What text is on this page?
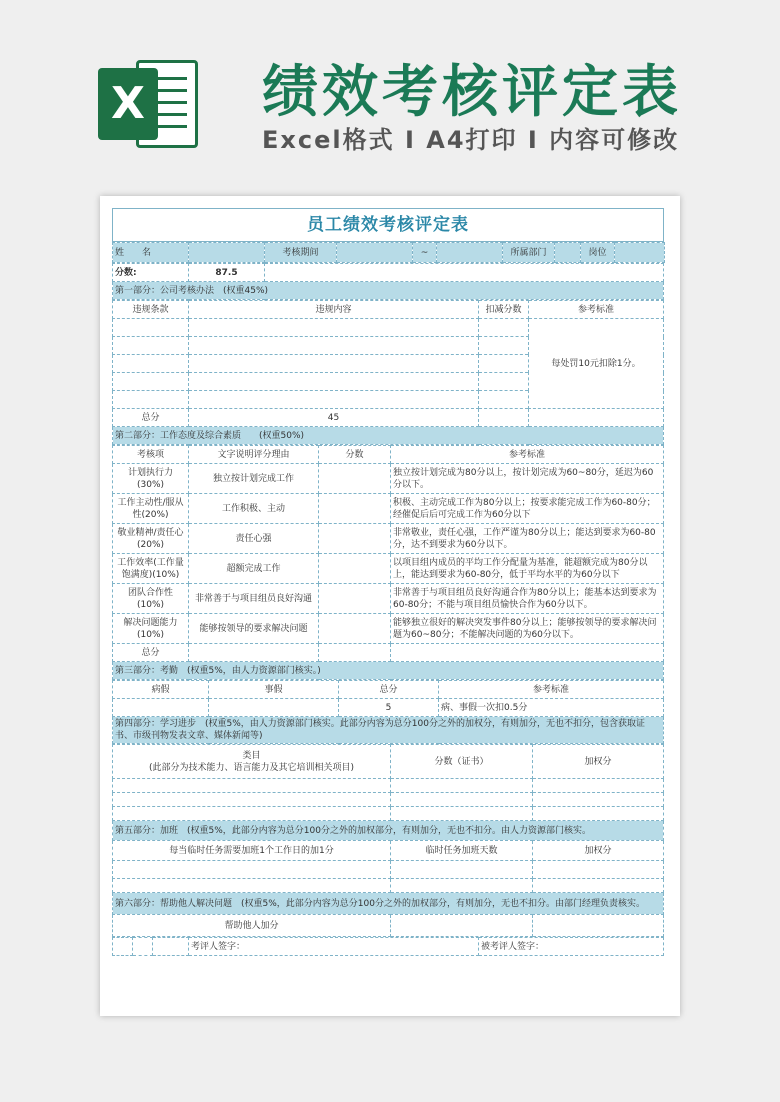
X 绩效考核评定表
Excel格式 I A4打印 I 内容可修改
员工绩效考核评定表
姓　　名		考核期间		~		所属部门		岗位	
分数:	87.5	
第一部分：公司考核办法　(权重45%)
违规条款	违规内容	扣减分数	参考标准
			每处罚10元扣除1分。

总分	45		
第二部分：工作态度及综合素质　　(权重50%)			
考核项	文字说明评分理由	分数	参考标准
计划执行力(30%)	独立按计划完成工作		独立按计划完成为80分以上，按计划完成为60~80分，延迟为60分以下。
工作主动性/服从性(20%)	工作积极、主动		积极、主动完成工作为80分以上；按要求能完成工作为60-80分；经催促后后可完成工作为60分以下
敬业精神/责任心(20%)	责任心强		非常敬业，责任心强，工作严谨为80分以上；能达到要求为60-80分，达不到要求为60分以下。
工作效率(工作量饱满度)(10%)	超额完成工作		以项目组内成员的平均工作分配量为基准，能超额完成为80分以上，能达到要求为60-80分，低于平均水平的为60分以下
团队合作性(10%)	非常善于与项目组员良好沟通		非常善于与项目组员良好沟通合作为80分以上；能基本达到要求为60-80分；不能与项目组员愉快合作为60分以下。
解决问题能力(10%)	能够按领导的要求解决问题		能够独立很好的解决突发事件80分以上；能够按领导的要求解决问题为60~80分；不能解决问题的为60分以下。
总分			
第三部分：考勤　(权重5%，由人力资源部门核实。)			
病假	事假	总分	参考标准
		5	病、事假一次扣0.5分
第四部分：学习进步　(权重5%，由人力资源部门核实。此部分内容为总分100分之外的加权分，有则加分，无也不扣分，包含获取证书、市级刊物发表文章、媒体新闻等)			
类目
(此部分为技术能力、语言能力及其它培训相关项目)	分数（证书）	加权分

第五部分：加班　(权重5%，此部分内容为总分100分之外的加权部分，有则加分，无也不扣分。由人力资源部门核实。		
每当临时任务需要加班1个工作日的加1分	临时任务加班天数	加权分

第六部分：帮助他人解决问题　(权重5%，此部分内容为总分100分之外的加权部分，有则加分，无也不扣分。由部门经理负责核实。		
帮助他人加分		
			考评人签字：	被考评人签字：
